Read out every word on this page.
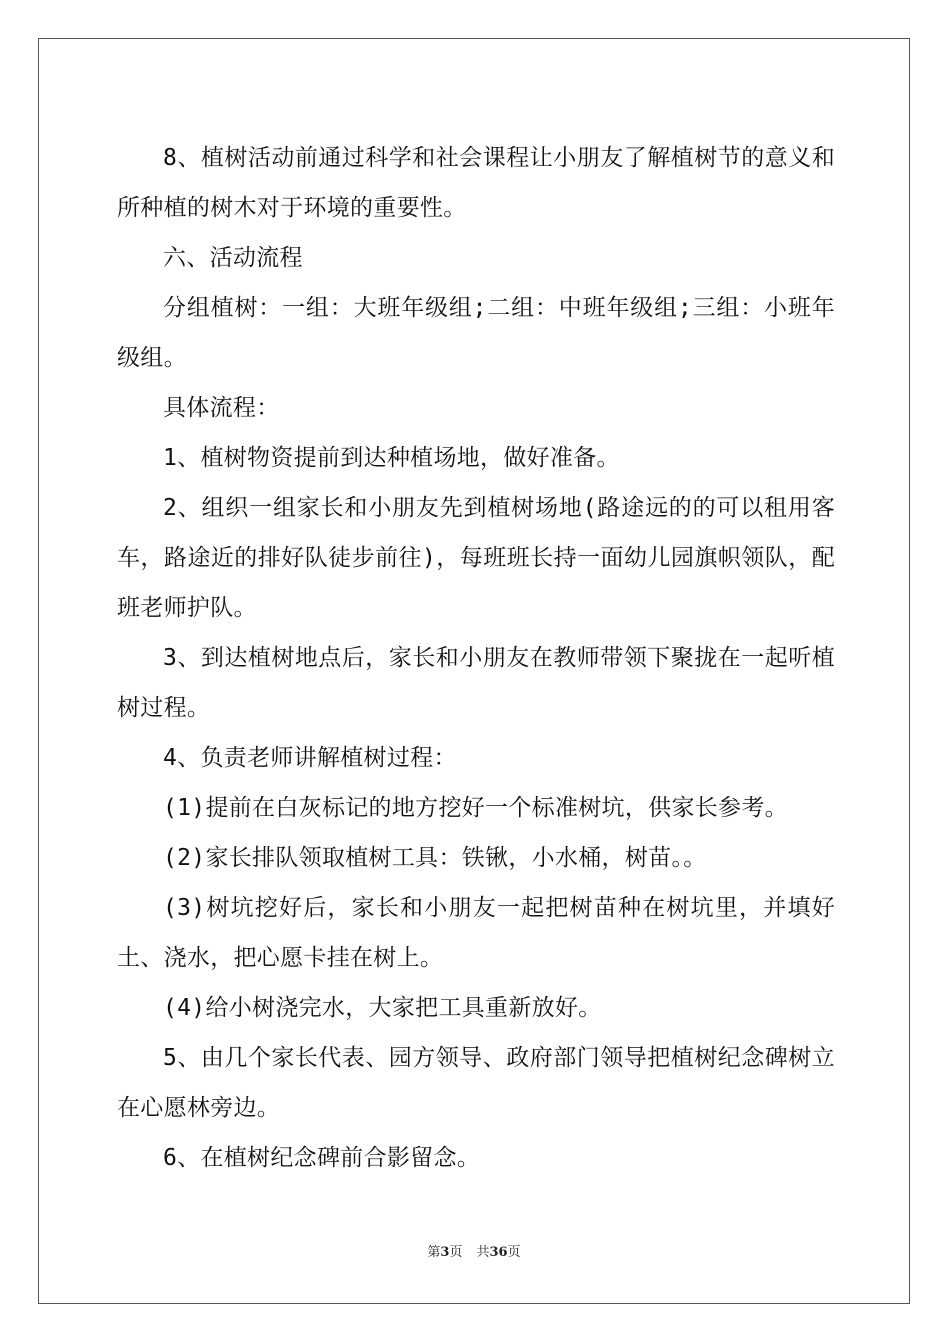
8、植树活动前通过科学和社会课程让小朋友了解植树节的意义和所种植的树木对于环境的重要性。

六、活动流程

分组植树：一组：大班年级组;二组：中班年级组;三组：小班年级组。

具体流程：

1、植树物资提前到达种植场地，做好准备。

2、组织一组家长和小朋友先到植树场地(路途远的的可以租用客车，路途近的排好队徒步前往)，每班班长持一面幼儿园旗帜领队，配班老师护队。

3、到达植树地点后，家长和小朋友在教师带领下聚拢在一起听植树过程。

4、负责老师讲解植树过程：

(1)提前在白灰标记的地方挖好一个标准树坑，供家长参考。

(2)家长排队领取植树工具：铁锹，小水桶，树苗。。

(3)树坑挖好后，家长和小朋友一起把树苗种在树坑里，并填好土、浇水，把心愿卡挂在树上。

(4)给小树浇完水，大家把工具重新放好。

5、由几个家长代表、园方领导、政府部门领导把植树纪念碑树立在心愿林旁边。

6、在植树纪念碑前合影留念。

第3页 共36页
